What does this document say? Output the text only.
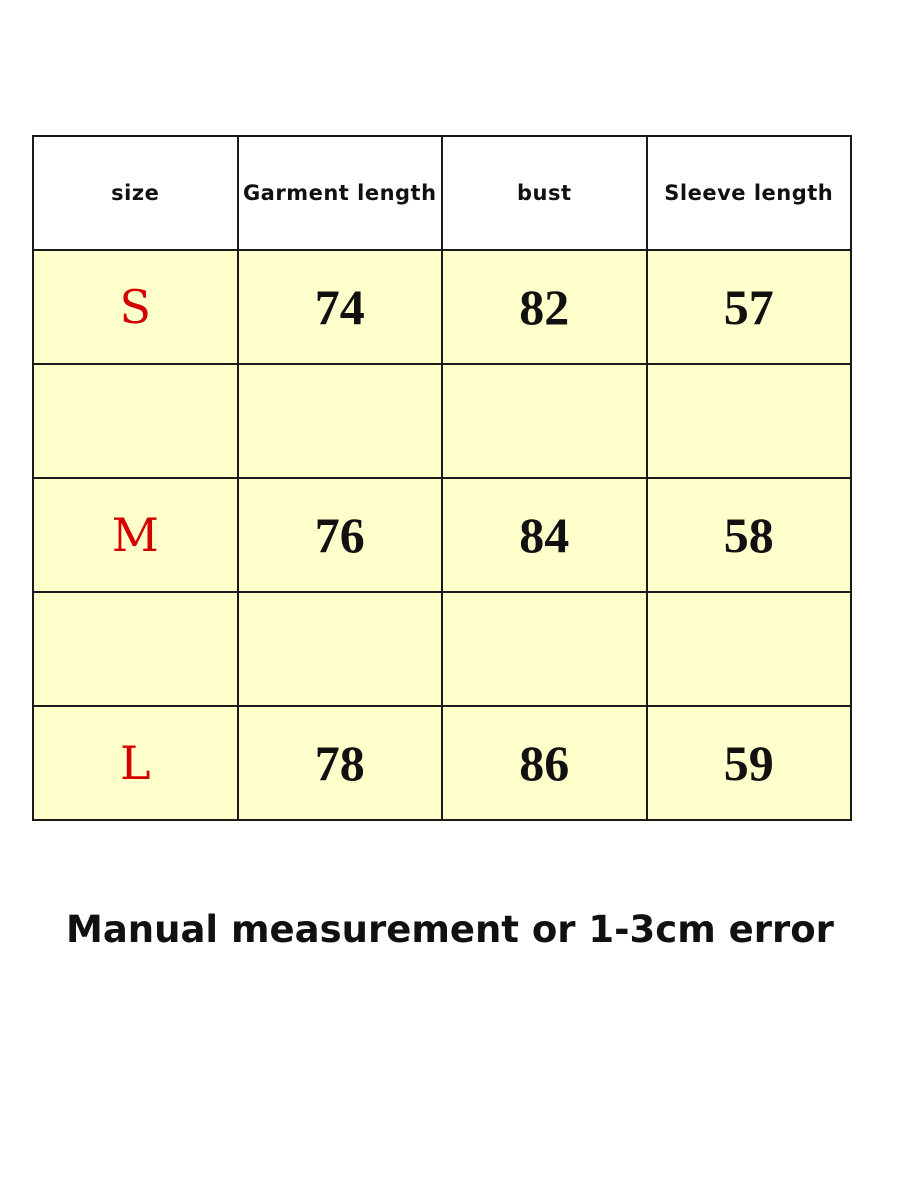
size	Garment length	bust	Sleeve length
S	74	82	57

M	76	84	58

L	78	86	59
Manual measurement or 1-3cm error
